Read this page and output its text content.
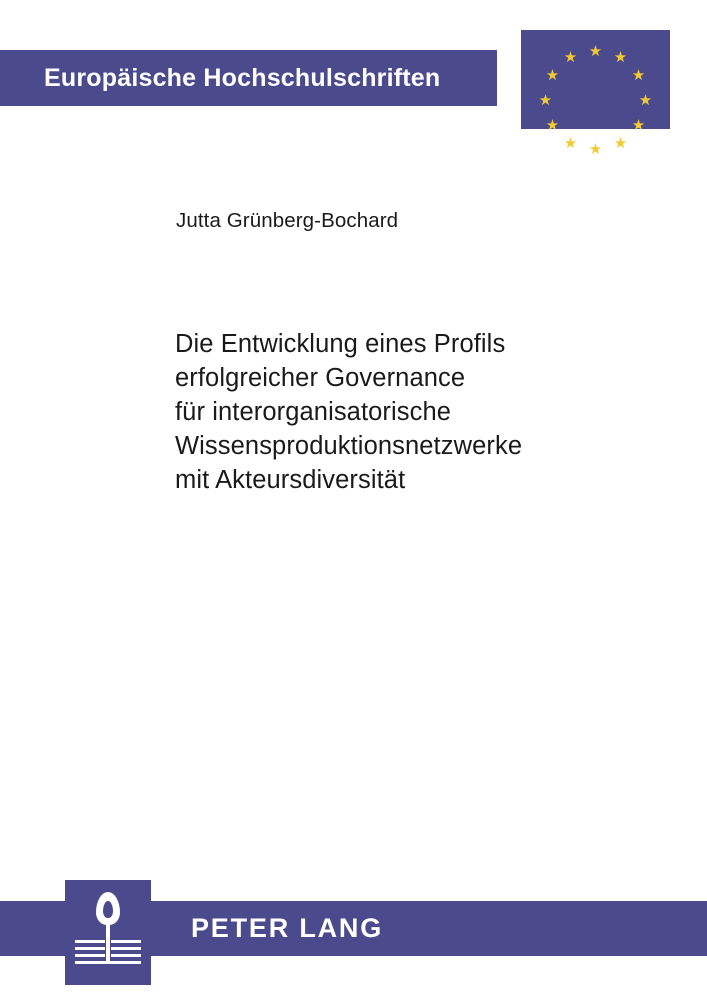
Europäische Hochschulschriften
★ ★
★
★
★
★
★
★
★
★
★
★
Jutta Grünberg-Bochard
Die Entwicklung eines Profils
erfolgreicher Governance
für interorganisatorische
Wissensproduktionsnetzwerke
mit Akteursdiversität
PETER LANG
